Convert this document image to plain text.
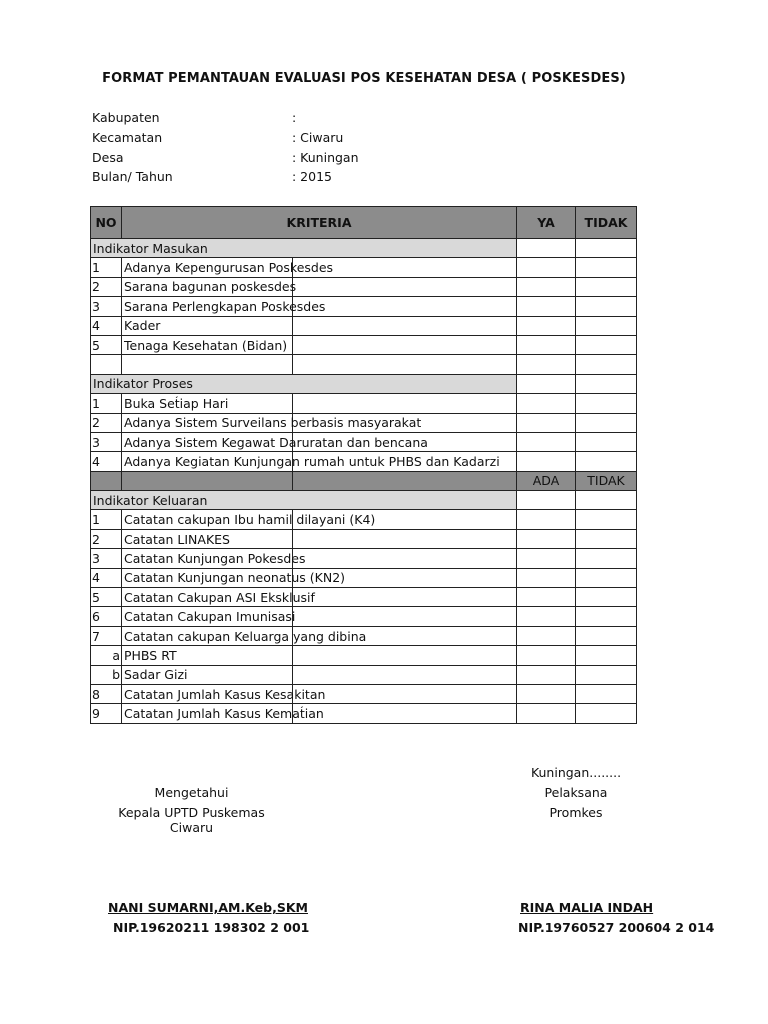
FORMAT PEMANTAUAN EVALUASI POS KESEHATAN DESA ( POSKESDES)
Kabupaten	:
Kecamatan	: Ciwaru
Desa	: Kuningan
Bulan/ Tahun	: 2015
NO	KRITERIA		YA	TIDAK
Indikator Masukan				
1	Adanya Kepengurusan Poskesdes			
2	Sarana bagunan poskesdes			
3	Sarana Perlengkapan Poskesdes			
4	Kader			
5	Tenaga Kesehatan (Bidan)			

Indikator Proses				
1	Buka Set́iap Hari			
2	Adanya Sistem Surveilans berbasis masyarakat			
3	Adanya Sistem Kegawat Daruratan dan bencana			
4	Adanya Kegiatan Kunjungan rumah untuk PHBS dan Kadarzi			
			ADA	TIDAK
Indikator Keluaran				
1	Catatan cakupan Ibu hamil dilayani (K4)			
2	Catatan LINAKES			
3	Catatan Kunjungan Pokesdes			
4	Catatan Kunjungan neonatus (KN2)			
5	Catatan Cakupan ASI Eksklusif			
6	Catatan Cakupan Imunisasi			
7	Catatan cakupan Keluarga yang dibina			
a	PHBS RT			
b	Sadar Gizi			
8	Catatan Jumlah Kasus Kesakitan			
9	Catatan Jumlah Kasus Kemat́ian			
Mengetahui
Kepala UPTD Puskemas Ciwaru
Kuningan........
Pelaksana
Promkes
NANI SUMARNI,AM.Keb,SKM
NIP.19620211 198302 2 001
RINA MALIA INDAH
NIP.19760527 200604 2 014
